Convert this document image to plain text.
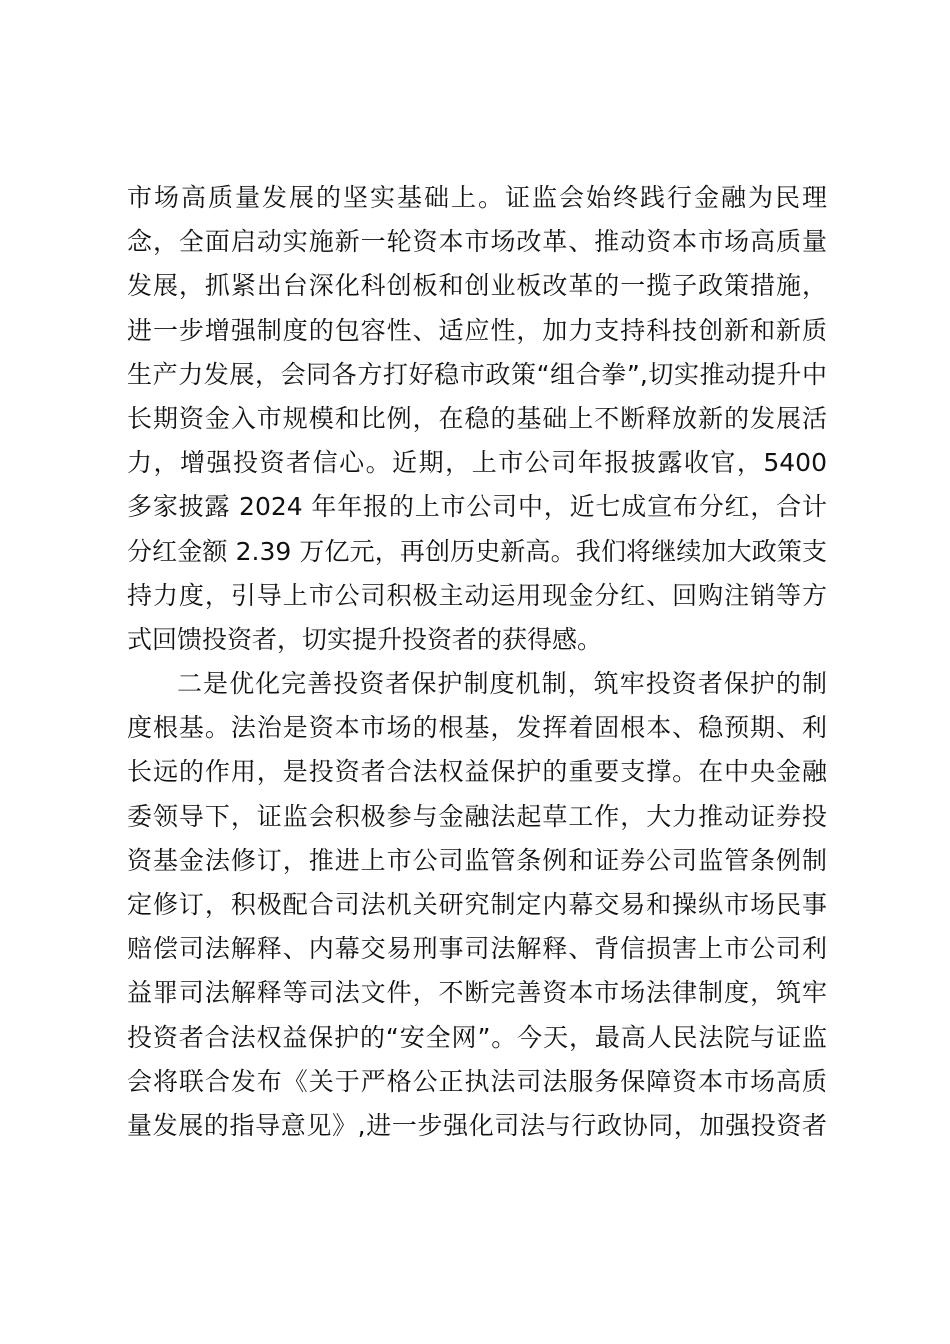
市场高质量发展的坚实基础上。证监会始终践行金融为民理
念，全面启动实施新一轮资本市场改革、推动资本市场高质量
发展，抓紧出台深化科创板和创业板改革的一揽子政策措施，
进一步增强制度的包容性、适应性，加力支持科技创新和新质
生产力发展，会同各方打好稳市政策“组合拳”,切实推动提升中
长期资金入市规模和比例，在稳的基础上不断释放新的发展活
力，增强投资者信心。近期，上市公司年报披露收官，5400
多家披露 2024 年年报的上市公司中，近七成宣布分红，合计
分红金额 2.39 万亿元，再创历史新高。我们将继续加大政策支
持力度，引导上市公司积极主动运用现金分红、回购注销等方
式回馈投资者，切实提升投资者的获得感。
二是优化完善投资者保护制度机制，筑牢投资者保护的制
度根基。法治是资本市场的根基，发挥着固根本、稳预期、利
长远的作用，是投资者合法权益保护的重要支撑。在中央金融
委领导下，证监会积极参与金融法起草工作，大力推动证券投
资基金法修订，推进上市公司监管条例和证券公司监管条例制
定修订，积极配合司法机关研究制定内幕交易和操纵市场民事
赔偿司法解释、内幕交易刑事司法解释、背信损害上市公司利
益罪司法解释等司法文件，不断完善资本市场法律制度，筑牢
投资者合法权益保护的“安全网”。今天，最高人民法院与证监
会将联合发布《关于严格公正执法司法服务保障资本市场高质
量发展的指导意见》,进一步强化司法与行政协同，加强投资者
